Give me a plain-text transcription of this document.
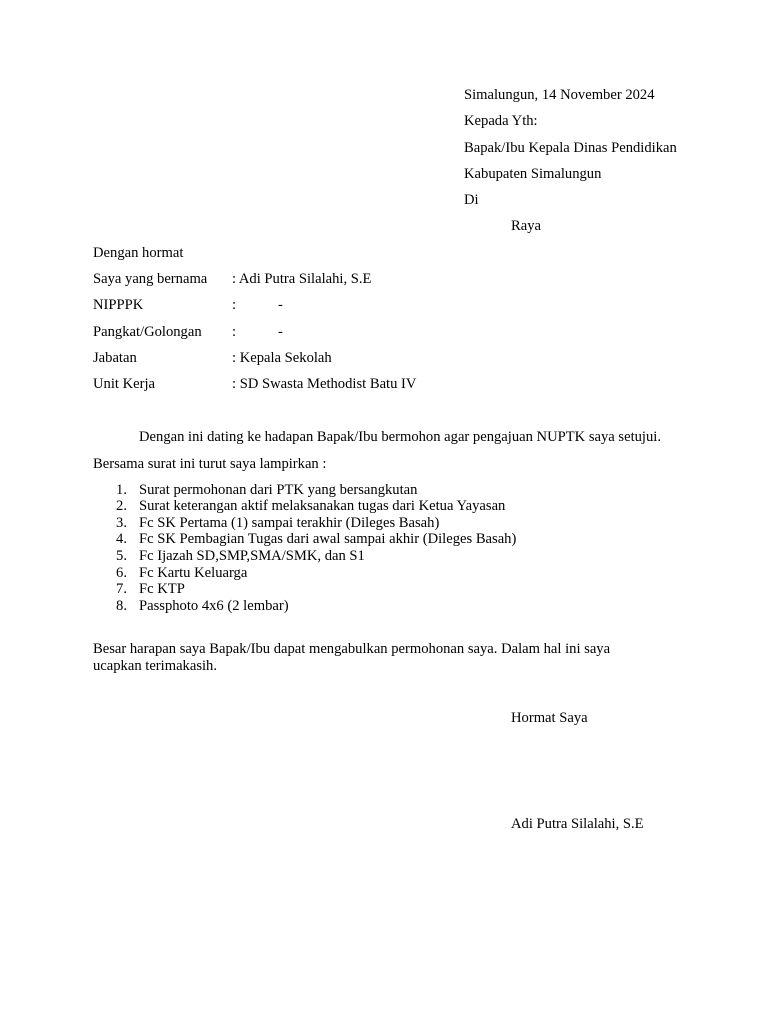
Simalungun, 14 November 2024
Kepada Yth:
Bapak/Ibu Kepala Dinas Pendidikan
Kabupaten Simalungun
Di
Raya
Dengan hormat
Saya yang bernama : Adi Putra Silalahi, S.E
NIPPPK	:	-
Pangkat/Golongan :	-
Jabatan	: Kepala Sekolah
Unit Kerja	: SD Swasta Methodist Batu IV
Dengan ini dating ke hadapan Bapak/Ibu bermohon agar pengajuan NUPTK saya setujui.
Bersama surat ini turut saya lampirkan :
1. Surat permohonan dari PTK yang bersangkutan
2. Surat keterangan aktif melaksanakan tugas dari Ketua Yayasan
3. Fc SK Pertama (1) sampai terakhir (Dileges Basah)
4. Fc SK Pembagian Tugas dari awal sampai akhir (Dileges Basah)
5. Fc Ijazah SD,SMP,SMA/SMK, dan S1
6. Fc Kartu Keluarga
7. Fc KTP
8. Passphoto 4x6 (2 lembar)
Besar harapan saya Bapak/Ibu dapat mengabulkan permohonan saya. Dalam hal ini saya ucapkan terimakasih.
Hormat Saya
Adi Putra Silalahi, S.E
